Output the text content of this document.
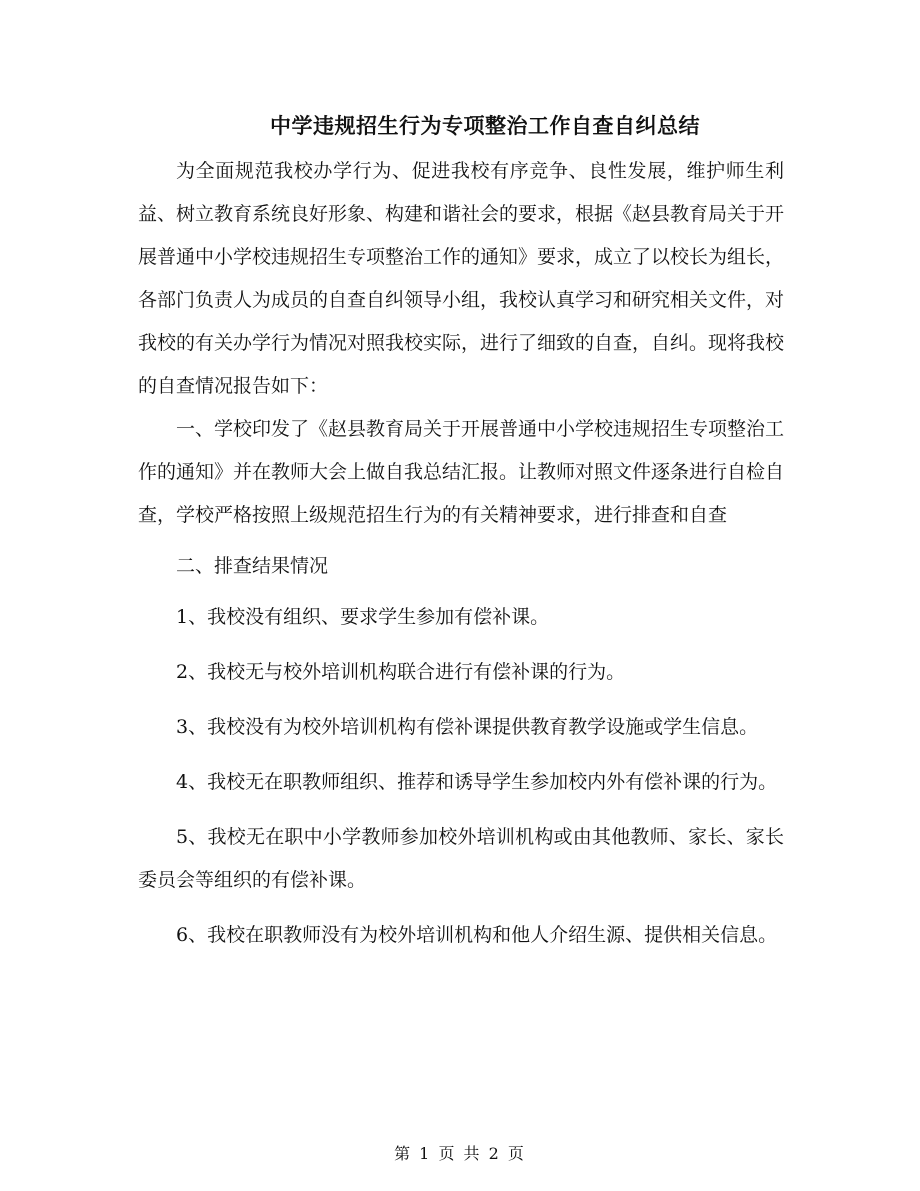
中学违规招生行为专项整治工作自查自纠总结

为全面规范我校办学行为、促进我校有序竞争、良性发展，维护师生利益、树立教育系统良好形象、构建和谐社会的要求，根据《赵县教育局关于开展普通中小学校违规招生专项整治工作的通知》要求，成立了以校长为组长，各部门负责人为成员的自查自纠领导小组，我校认真学习和研究相关文件，对我校的有关办学行为情况对照我校实际，进行了细致的自查，自纠。现将我校的自查情况报告如下：

一、学校印发了《赵县教育局关于开展普通中小学校违规招生专项整治工作的通知》并在教师大会上做自我总结汇报。让教师对照文件逐条进行自检自查，学校严格按照上级规范招生行为的有关精神要求，进行排查和自查

二、排查结果情况

1、我校没有组织、要求学生参加有偿补课。

2、我校无与校外培训机构联合进行有偿补课的行为。

3、我校没有为校外培训机构有偿补课提供教育教学设施或学生信息。

4、我校无在职教师组织、推荐和诱导学生参加校内外有偿补课的行为。

5、我校无在职中小学教师参加校外培训机构或由其他教师、家长、家长委员会等组织的有偿补课。

6、我校在职教师没有为校外培训机构和他人介绍生源、提供相关信息。

第 1 页 共 2 页
